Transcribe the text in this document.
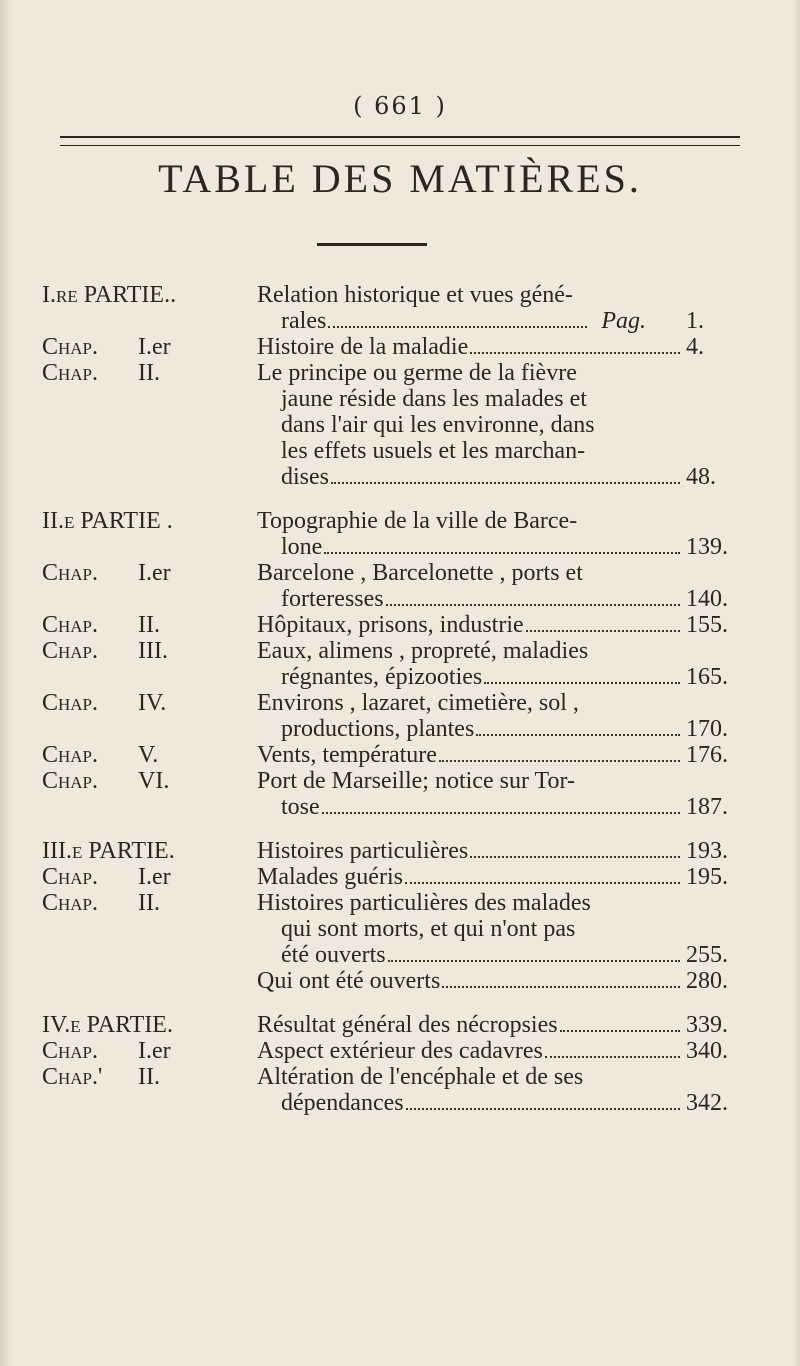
( 661 )
TABLE DES MATIÈRES.
I.re PARTIE..	Relation historique et vues géné-
rales	Pag. 1.
Chap.	I.er	Histoire de la maladie	4.
Chap.	II.	Le principe ou germe de la fièvre
jaune réside dans les malades et
dans l'air qui les environne, dans
les effets usuels et les marchan-
dises	48.
II.e PARTIE .	Topographie de la ville de Barce-
lone	139.
Chap.	I.er	Barcelone , Barcelonette , ports et
forteresses	140.
Chap.	II.	Hôpitaux, prisons, industrie	155.
Chap.	III.	Eaux, alimens , propreté, maladies
régnantes, épizooties	165.
Chap.	IV.	Environs , lazaret, cimetière, sol ,
productions, plantes	170.
Chap.	V.	Vents, température	176.
Chap.	VI.	Port de Marseille; notice sur Tor-
tose	187.
III.e PARTIE.	Histoires particulières	193.
Chap.	I.er	Malades guéris	195.
Chap.	II.	Histoires particulières des malades
qui sont morts, et qui n'ont pas
été ouverts	255.
Qui ont été ouverts	280.
IV.e PARTIE.	Résultat général des nécropsies	339.
Chap.	I.er	Aspect extérieur des cadavres	340.
Chap.'	II.	Altération de l'encéphale et de ses
dépendances	342.
